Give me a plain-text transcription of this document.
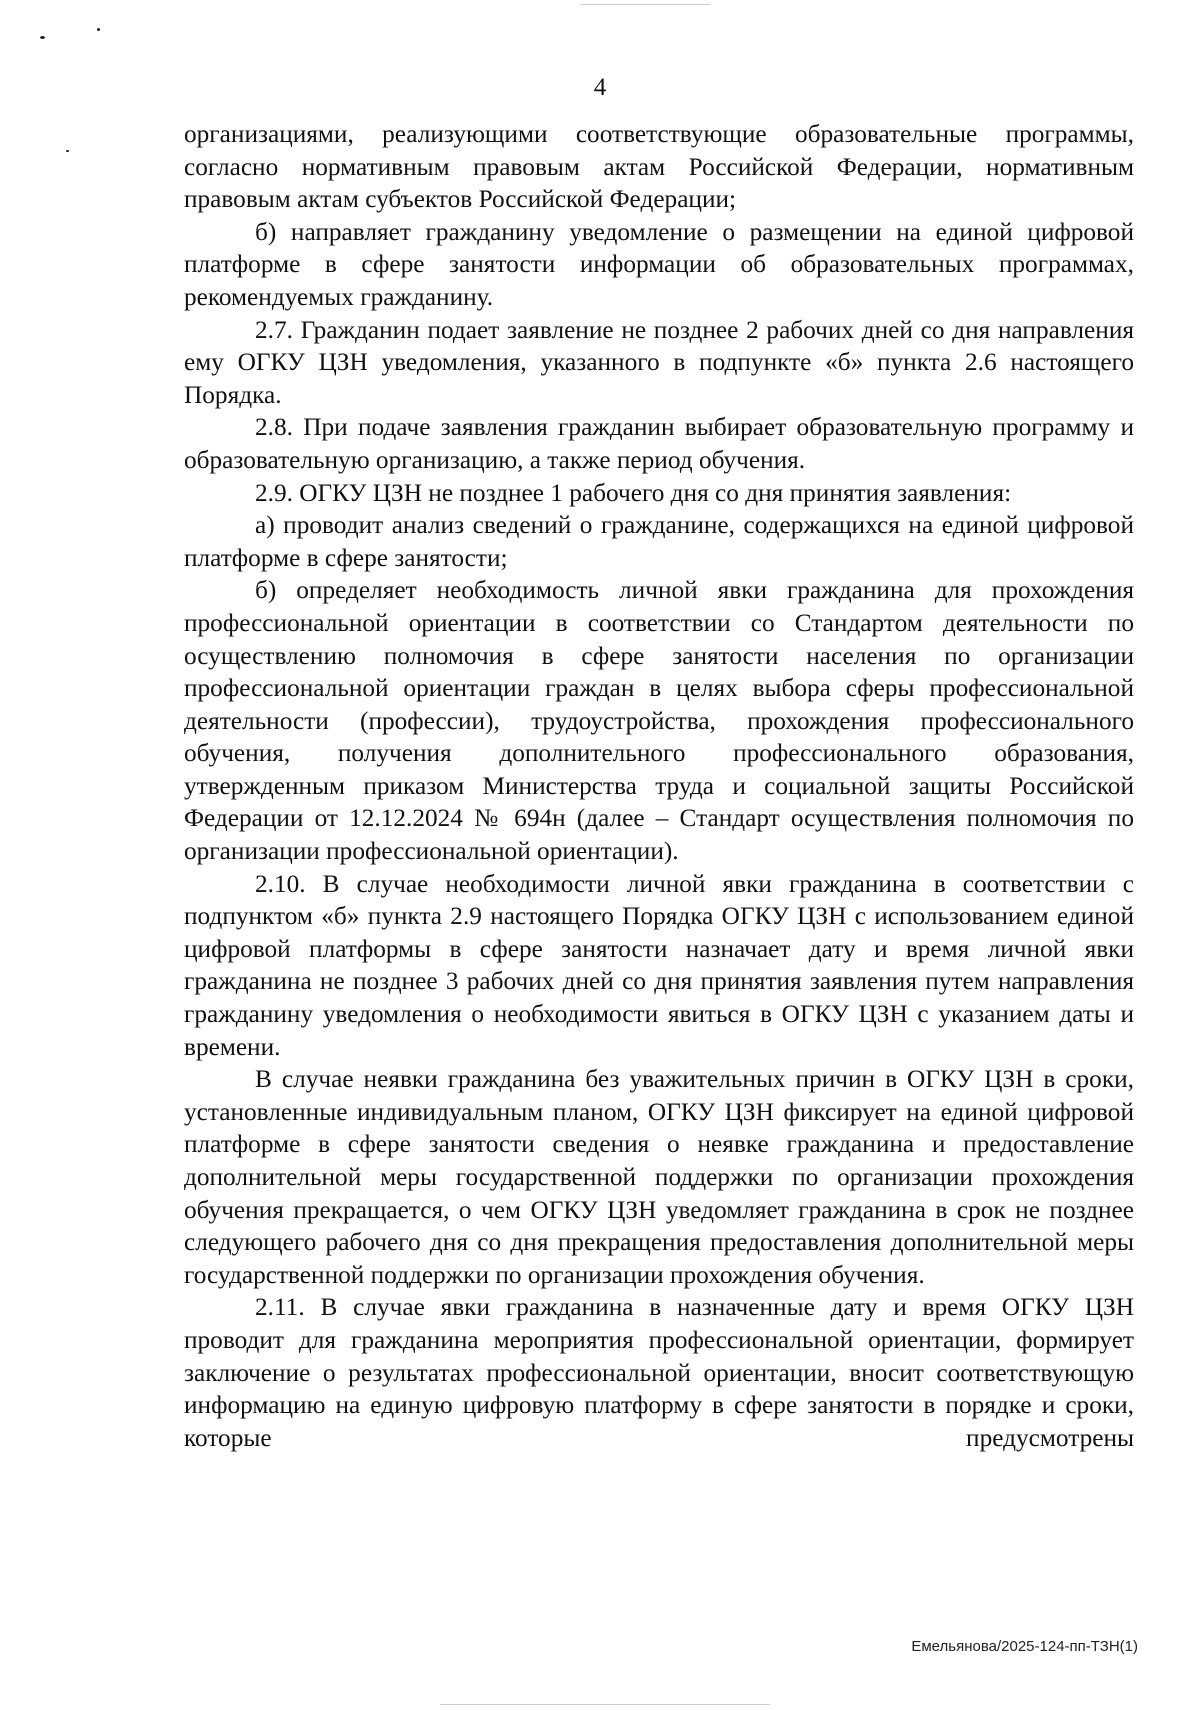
4

организациями, реализующими соответствующие образовательные программы, согласно нормативным правовым актам Российской Федерации, нормативным правовым актам субъектов Российской Федерации;

б) направляет гражданину уведомление о размещении на единой цифровой платформе в сфере занятости информации об образовательных программах, рекомендуемых гражданину.

2.7. Гражданин подает заявление не позднее 2 рабочих дней со дня направления ему ОГКУ ЦЗН уведомления, указанного в подпункте «б» пункта 2.6 настоящего Порядка.

2.8. При подаче заявления гражданин выбирает образовательную программу и образовательную организацию, а также период обучения.

2.9. ОГКУ ЦЗН не позднее 1 рабочего дня со дня принятия заявления:

а) проводит анализ сведений о гражданине, содержащихся на единой цифровой платформе в сфере занятости;

б) определяет необходимость личной явки гражданина для прохождения профессиональной ориентации в соответствии со Стандартом деятельности по осуществлению полномочия в сфере занятости населения по организации профессиональной ориентации граждан в целях выбора сферы профессиональной деятельности (профессии), трудоустройства, прохождения профессионального обучения, получения дополнительного профессионального образования, утвержденным приказом Министерства труда и социальной защиты Российской Федерации от 12.12.2024 № 694н (далее – Стандарт осуществления полномочия по организации профессиональной ориентации).

2.10. В случае необходимости личной явки гражданина в соответствии с подпунктом «б» пункта 2.9 настоящего Порядка ОГКУ ЦЗН с использованием единой цифровой платформы в сфере занятости назначает дату и время личной явки гражданина не позднее 3 рабочих дней со дня принятия заявления путем направления гражданину уведомления о необходимости явиться в ОГКУ ЦЗН с указанием даты и времени.

В случае неявки гражданина без уважительных причин в ОГКУ ЦЗН в сроки, установленные индивидуальным планом, ОГКУ ЦЗН фиксирует на единой цифровой платформе в сфере занятости сведения о неявке гражданина и предоставление дополнительной меры государственной поддержки по организации прохождения обучения прекращается, о чем ОГКУ ЦЗН уведомляет гражданина в срок не позднее следующего рабочего дня со дня прекращения предоставления дополнительной меры государственной поддержки по организации прохождения обучения.

2.11. В случае явки гражданина в назначенные дату и время ОГКУ ЦЗН проводит для гражданина мероприятия профессиональной ориентации, формирует заключение о результатах профессиональной ориентации, вносит соответствующую информацию на единую цифровую платформу в сфере занятости в порядке и сроки, которые предусмотрены

Емельянова/2025-124-пп-ТЗН(1)
